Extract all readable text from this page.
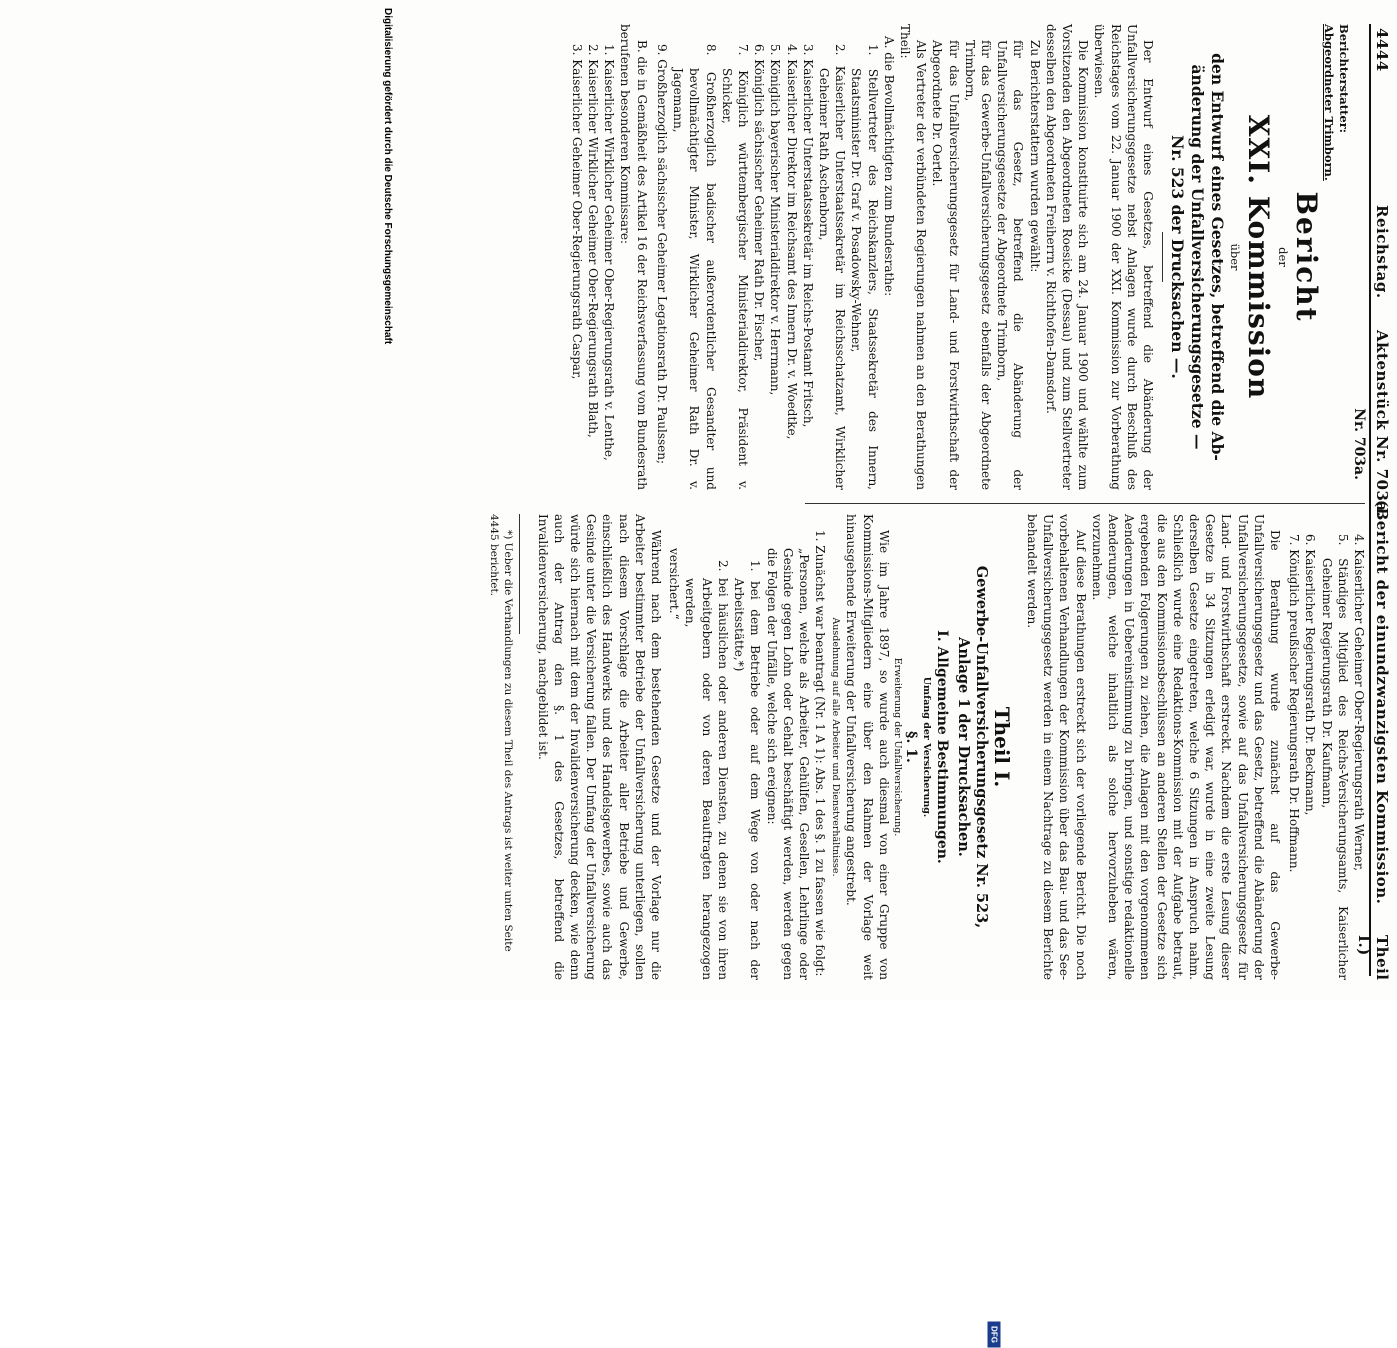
4444
Reichstag.
Aktenstück Nr. 703a.
(Bericht der einundzwanzigsten Kommission.
Theil I.)
Nr. 703a.
Berichterstatter:
Abgeordneter Trimborn.
Bericht
der
XXI. Kommission
über
den Entwurf eines Gesetzes, betreffend die Ab-
änderung der Unfallversicherungsgesetze —
Nr. 523 der Drucksachen —.

Der Entwurf eines Gesetzes, betreffend die Abänderung der Unfallversicherungsgesetze nebst Anlagen wurde durch Beschluß des Reichstages vom 22. Januar 1900 der XXI. Kommission zur Vorberathung überwiesen.

Die Kommission konstituirte sich am 24. Januar 1900 und wählte zum Vorsitzenden den Abgeordneten Roesicke (Dessau) und zum Stellvertreter desselben den Abgeordneten Freiherrn v. Richthofen-Damsdorf.

Zu Berichterstattern wurden gewählt:

für das Gesetz, betreffend die Abänderung der Unfallversicherungsgesetze der Abgeordnete Trimborn,

für das Gewerbe-Unfallversicherungsgesetz ebenfalls der Abgeordnete Trimborn,

für das Unfallversicherungsgesetz für Land- und Forstwirthschaft der Abgeordnete Dr. Oertel.

Als Vertreter der verbündeten Regierungen nahmen an den Berathungen Theil:

A. die Bevollmächtigten zum Bundesrathe:

1. Stellvertreter des Reichskanzlers, Staatssekretär des Innern, Staatsminister Dr. Graf v. Posadowsky-Wehner,

2. Kaiserlicher Unterstaatssekretär im Reichsschatzamt, Wirklicher Geheimer Rath Aschenborn,

3. Kaiserlicher Unterstaatssekretär im Reichs-Postamt Fritsch,

4. Kaiserlicher Direktor im Reichsamt des Innern Dr. v. Woedtke,

5. Königlich bayerischer Ministerialdirektor v. Herrmann,

6. Königlich sächsischer Geheimer Rath Dr. Fischer,

7. Königlich württembergischer Ministerialdirektor, Präsident v. Schicker,

8. Großherzoglich badischer außerordentlicher Gesandter und bevollmächtigter Minister, Wirklicher Geheimer Rath Dr. v. Jagemann,

9. Großherzoglich sächsischer Geheimer Legationsrath Dr. Paulssen;

B. die in Gemäßheit des Artikel 16 der Reichsverfassung vom Bundesrath berufenen besonderen Kommissare:

1. Kaiserlicher Wirklicher Geheimer Ober-Regierungsrath v. Lenthe,

2. Kaiserlicher Wirklicher Geheimer Ober-Regierungsrath Blath,

3. Kaiserlicher Geheimer Ober-Regierungsrath Caspar,

4. Kaiserlicher Geheimer Ober-Regierungsrath Werner,

5. Ständiges Mitglied des Reichs-Versicherungsamts, Kaiserlicher Geheimer Regierungsrath Dr. Kaufmann,

6. Kaiserlicher Regierungsrath Dr. Beckmann,

7. Königlich preußischer Regierungsrath Dr. Hoffmann.

Die Berathung wurde zunächst auf das Gewerbe-Unfallversicherungsgesetz und das Gesetz, betreffend die Abänderung der Unfallversicherungsgesetze, sowie auf das Unfallversicherungsgesetz für Land- und Forstwirthschaft erstreckt. Nachdem die erste Lesung dieser Gesetze in 34 Sitzungen erledigt war, wurde in eine zweite Lesung derselben Gesetze eingetreten, welche 6 Sitzungen in Anspruch nahm. Schließlich wurde eine Redaktions-Kommission mit der Aufgabe betraut, die aus den Kommissionsbeschlüssen an anderen Stellen der Gesetze sich ergebenden Folgerungen zu ziehen, die Anlagen mit den vorgenommenen Aenderungen in Uebereinstimmung zu bringen, und sonstige redaktionelle Aenderungen, welche inhaltlich als solche hervorzuheben wären, vorzunehmen.

Auf diese Berathungen erstreckt sich der vorliegende Bericht. Die noch vorbehaltenen Verhandlungen der Kommission über das Bau- und das See-Unfallversicherungsgesetz werden in einem Nachtrage zu diesem Berichte behandelt werden.

Theil I.
Gewerbe-Unfallversicherungsgesetz Nr. 523,
Anlage 1 der Drucksachen.
I. Allgemeine Bestimmungen.
Umfang der Versicherung.
§. 1.
Erweiterung der Unfallversicherung.

Wie im Jahre 1897, so wurde auch diesmal von einer Gruppe von Kommissions-Mitgliedern eine über den Rahmen der Vorlage weit hinausgehende Erweiterung der Unfallversicherung angestrebt.

Ausdehnung auf alle Arbeiter und Dienstverhältnisse.

1. Zunächst war beantragt (Nr. 1 A 1): Abs. 1 des §. 1 zu fassen wie folgt:

„Personen, welche als Arbeiter, Gehülfen, Gesellen, Lehrlinge oder Gesinde gegen Lohn oder Gehalt beschäftigt werden, werden gegen die Folgen der Unfälle, welche sich ereignen:

1. bei dem Betriebe oder auf dem Wege von oder nach der Arbeitsstätte,*)

2. bei häuslichen oder anderen Diensten, zu denen sie von ihren Arbeitgebern oder von deren Beauftragten herangezogen werden,

versichert.“

Während nach dem bestehenden Gesetze und der Vorlage nur die Arbeiter bestimmter Betriebe der Unfallversicherung unterliegen, sollen nach diesem Vorschlage die Arbeiter aller Betriebe und Gewerbe, einschließlich des Handwerks und des Handelsgewerbes, sowie auch das Gesinde unter die Versicherung fallen. Der Umfang der Unfallversicherung würde sich hiernach mit dem der Invalidenversicherung decken, wie denn auch der Antrag den §. 1 des Gesetzes, betreffend die Invalidenversicherung, nachgebildet ist.

*) Ueber die Verhandlungen zu diesem Theil des Antrags ist weiter unten Seite 4445 berichtet.

Digitalisierung gefördert durch die Deutsche Forschungsgemeinschaft
DFG
